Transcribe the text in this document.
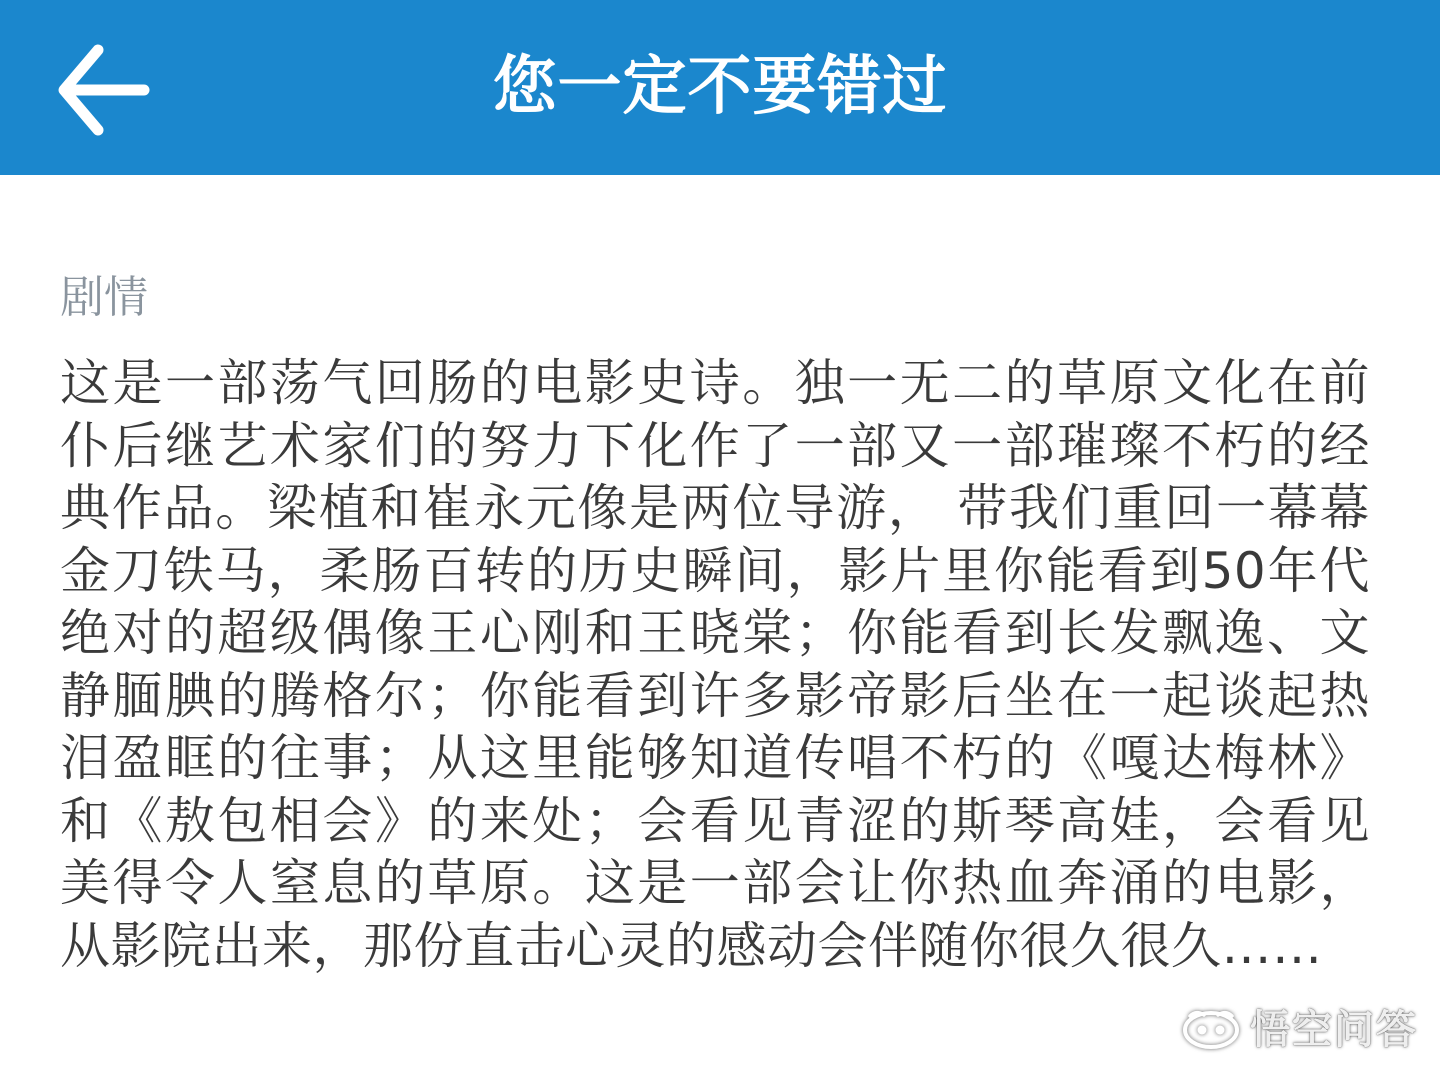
您一定不要错过
剧情

这是一部荡气回肠的电影史诗。独一无二的草原文化在前仆后继艺术家们的努力下化作了一部又一部璀璨不朽的经典作品。梁植和崔永元像是两位导游， 带我们重回一幕幕金刀铁马，柔肠百转的历史瞬间，影片里你能看到50年代绝对的超级偶像王心刚和王晓棠；你能看到长发飘逸、文静腼腆的腾格尔；你能看到许多影帝影后坐在一起谈起热泪盈眶的往事；从这里能够知道传唱不朽的《嘎达梅林》和《敖包相会》的来处；会看见青涩的斯琴高娃，会看见美得令人窒息的草原。这是一部会让你热血奔涌的电影，从影院出来，那份直击心灵的感动会伴随你很久很久……

悟空问答
